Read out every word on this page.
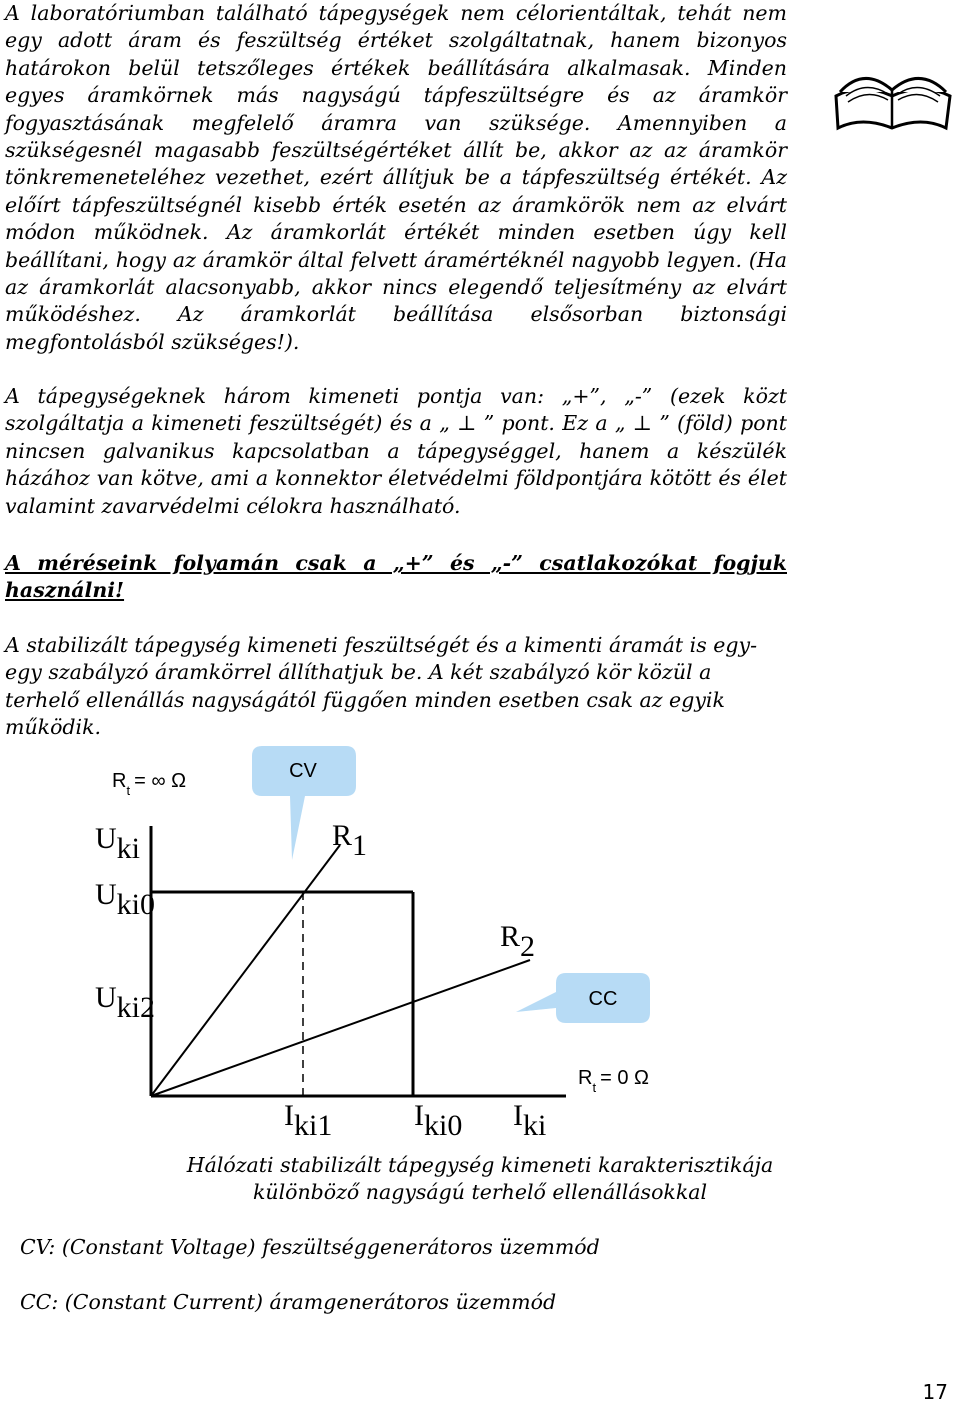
A laboratóriumban található tápegységek nem célorientáltak, tehát nem egy adott áram és feszültség értéket szolgáltatnak, hanem bizonyos határokon belül tetszőleges értékek beállítására alkalmasak. Minden egyes áramkörnek más nagyságú tápfeszültségre és az áramkör fogyasztásának megfelelő áramra van szüksége. Amennyiben a szükségesnél magasabb feszültségértéket állít be, akkor az az áramkör tönkremeneteléhez vezethet, ezért állítjuk be a tápfeszültség értékét. Az előírt tápfeszültségnél kisebb érték esetén az áramkörök nem az elvárt módon működnek. Az áramkorlát értékét minden esetben úgy kell beállítani, hogy az áramkör által felvett áramértéknél nagyobb legyen. (Ha az áramkorlát alacsonyabb, akkor nincs elegendő teljesítmény az elvárt működéshez. Az áramkorlát beállítása elsősorban biztonsági megfontolásból szükséges!).
A tápegységeknek három kimeneti pontja van: „+”, „-” (ezek közt szolgáltatja a kimeneti feszültségét) és a „ ⊥ ” pont. Ez a „ ⊥ ” (föld) pont nincsen galvanikus kapcsolatban a tápegységgel, hanem a készülék házához van kötve, ami a konnektor életvédelmi földpontjára kötött és élet valamint zavarvédelmi célokra használható.
A méréseink folyamán csak a „+” és „-” csatlakozókat fogjuk használni!
A stabilizált tápegység kimeneti feszültségét és a kimenti áramát is egy-egy szabályzó áramkörrel állíthatjuk be. A két szabályzó kör közül a terhelő ellenállás nagyságától függően minden esetben csak az egyik működik.
CV
CC
$R_t$ = ∞ Ω
Uki
Uki0
Uki2
R1
R2
Iki1	Iki0 Iki
$R_t = 0$ Ω
Hálózati stabilizált tápegység kimeneti karakterisztikája különböző nagyságú terhelő ellenállásokkal
CV: (Constant Voltage) feszültséggenerátoros üzemmód
CC: (Constant Current) áramgenerátoros üzemmód
17
